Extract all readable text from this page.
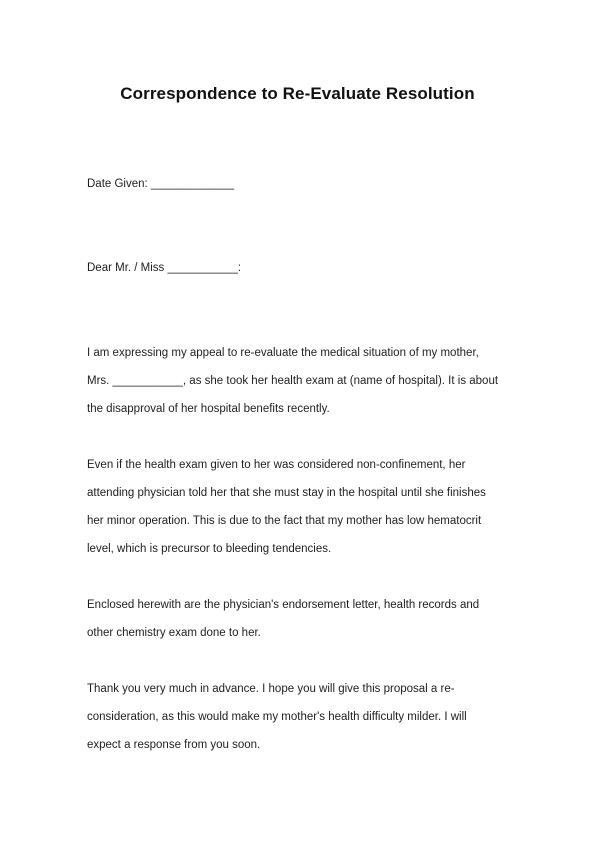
Correspondence to Re-Evaluate Resolution
Date Given: _____________
Dear Mr. / Miss ___________:
I am expressing my appeal to re-evaluate the medical situation of my mother,
Mrs. ___________, as she took her health exam at (name of hospital). It is about
the disapproval of her hospital benefits recently.
Even if the health exam given to her was considered non-confinement, her
attending physician told her that she must stay in the hospital until she finishes
her minor operation. This is due to the fact that my mother has low hematocrit
level, which is precursor to bleeding tendencies.
Enclosed herewith are the physician's endorsement letter, health records and
other chemistry exam done to her.
Thank you very much in advance. I hope you will give this proposal a re-
consideration, as this would make my mother's health difficulty milder. I will
expect a response from you soon.
